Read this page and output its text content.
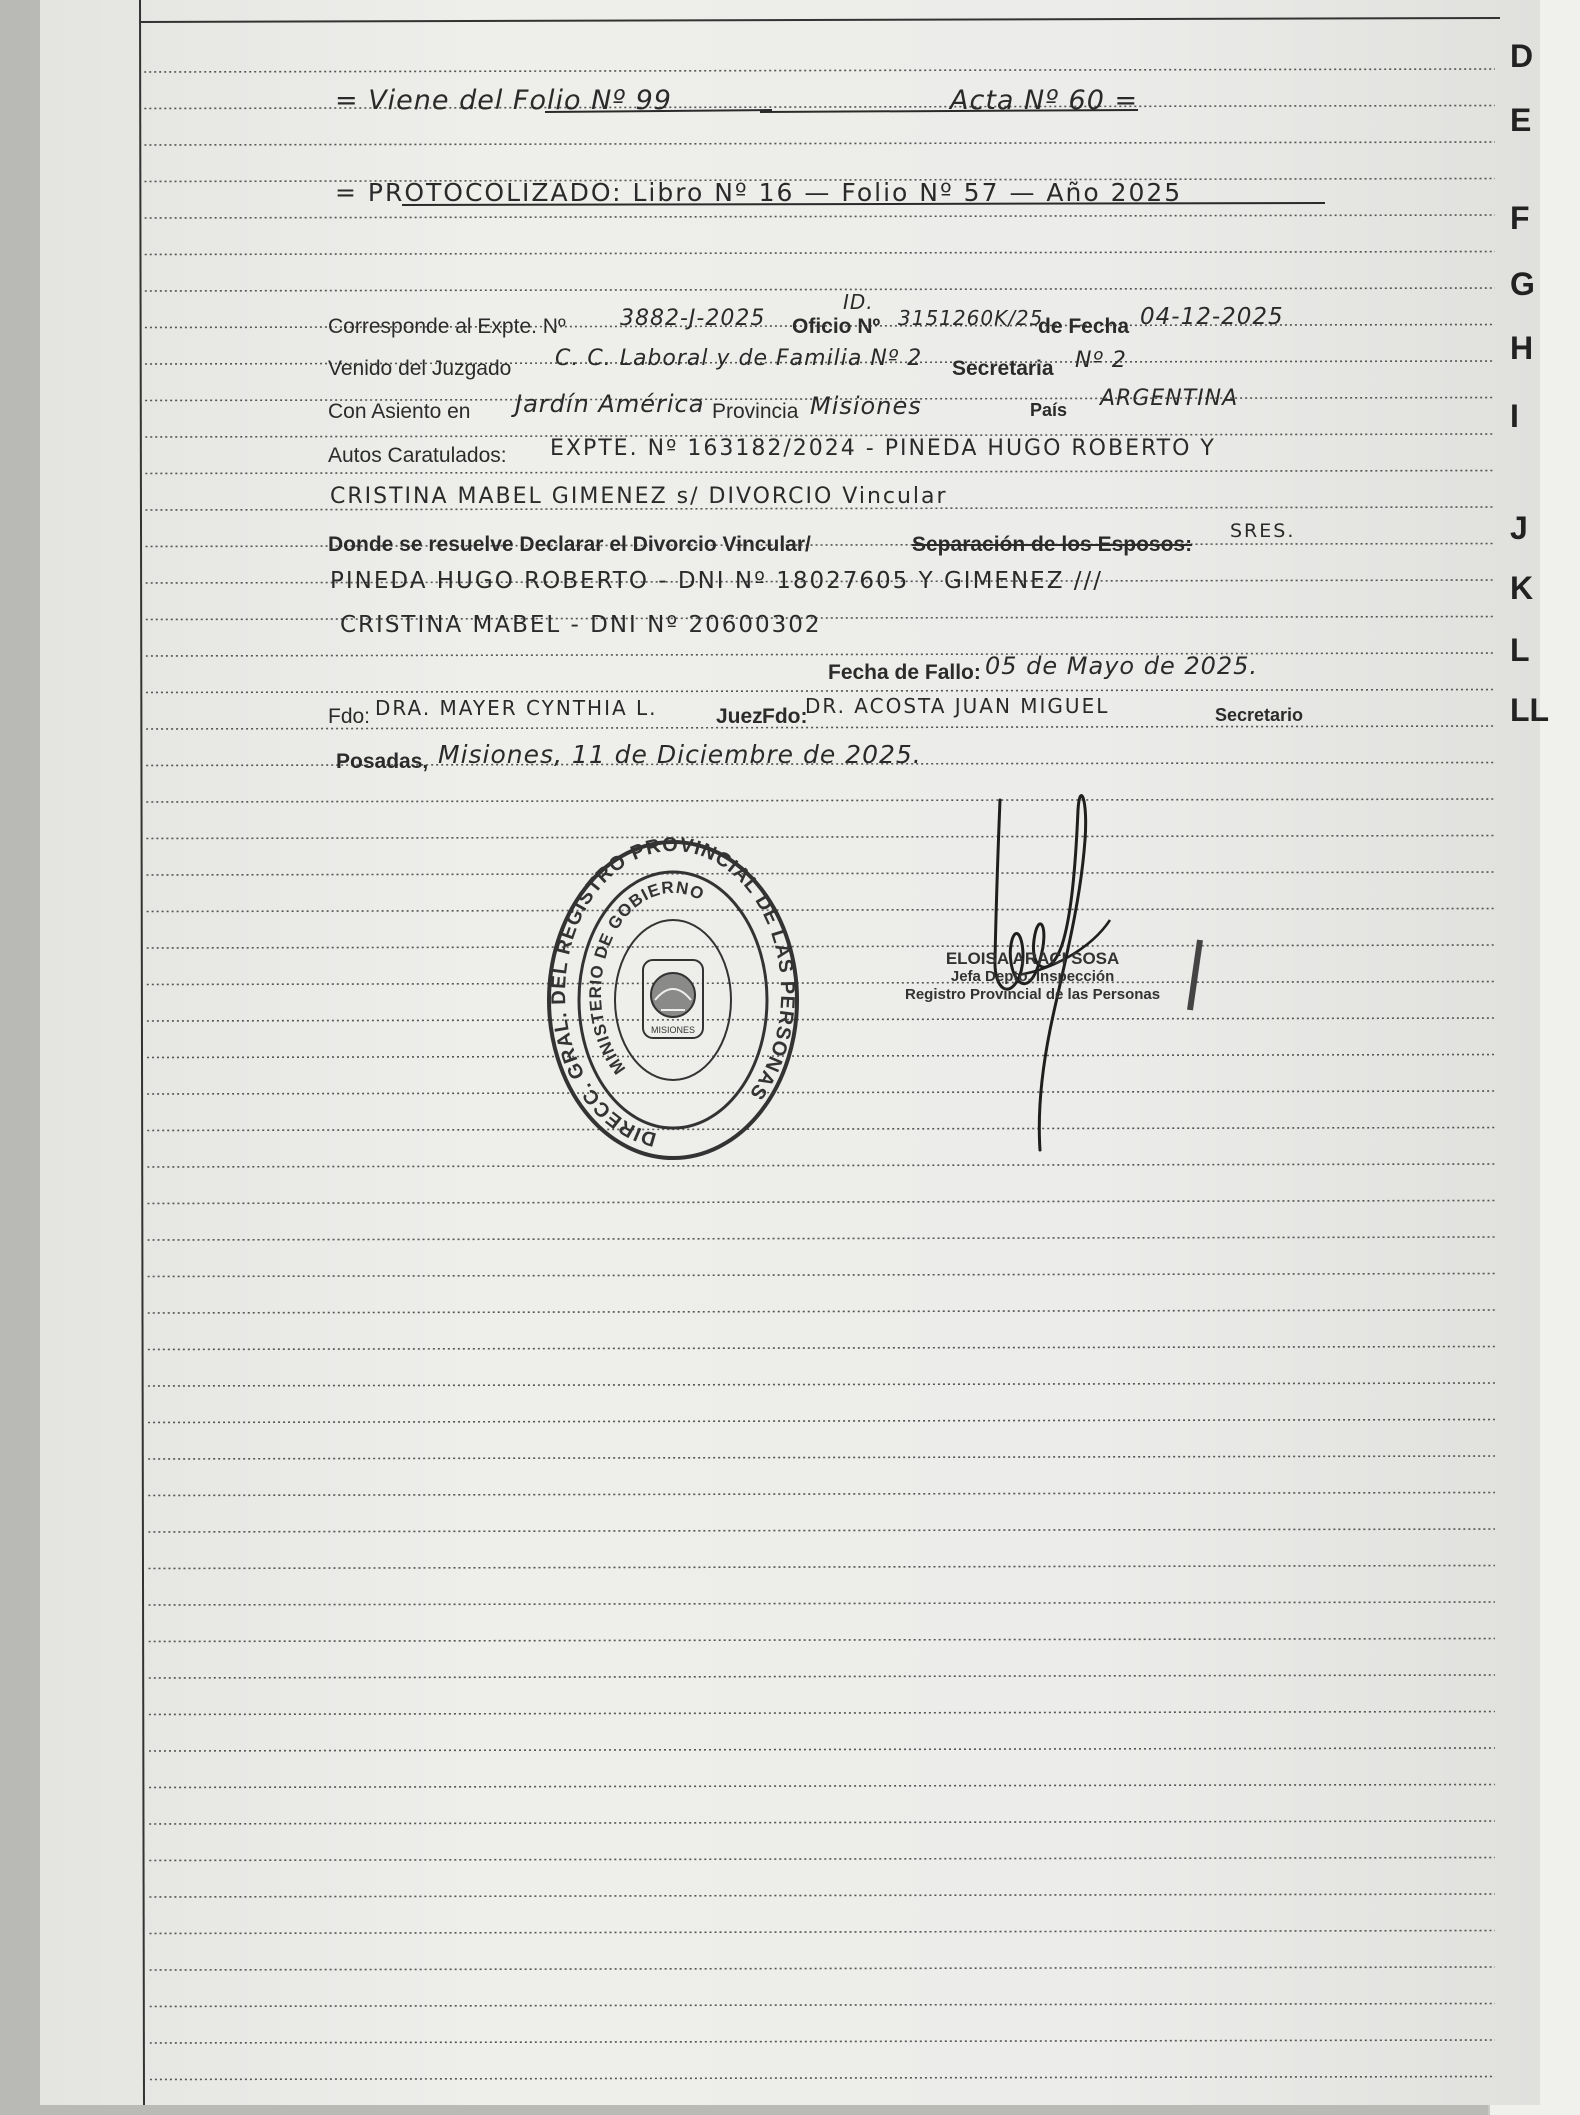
D
E
F
G
H
I
J
K
L
LL
= Viene del Folio Nº 99	Acta Nº 60 =
= PROTOCOLIZADO: Libro Nº 16 — Folio Nº 57 — Año 2025
ID.
Corresponde al Expte. Nº 3882-J-2025 Oficio Nº 3151260K/25
de Fecha 04-12-2025
Venido del Juzgado C. C. Laboral y de Familia Nº 2 Secretaria Nº 2
Con Asiento en Jardín América Provincia Misiones	País ARGENTINA
Autos Caratulados: EXPTE. Nº 163182/2024 - PINEDA HUGO ROBERTO Y
CRISTINA MABEL GIMENEZ s/ DIVORCIO Vincular
Donde se resuelve Declarar el Divorcio Vincular/	Separación de los Esposos:
SRES.
PINEDA HUGO ROBERTO - DNI Nº 18027605 Y GIMENEZ ///
CRISTINA MABEL - DNI Nº 20600302
Fecha de Fallo: 05 de Mayo de 2025.
Fdo: DRA. MAYER CYNTHIA L.	Juez Fdo:
DR. ACOSTA JUAN MIGUEL	Secretario
Posadas, Misiones, 11 de Diciembre de 2025.
DIRECC. GRAL. DEL REGISTRO PROVINCIAL DE LAS PERSONAS
MINISTERIO DE GOBIERNO
MISIONES
ELOISA ARACI SOSA
Jefa Depto. Inspección
Registro Provincial de las Personas
